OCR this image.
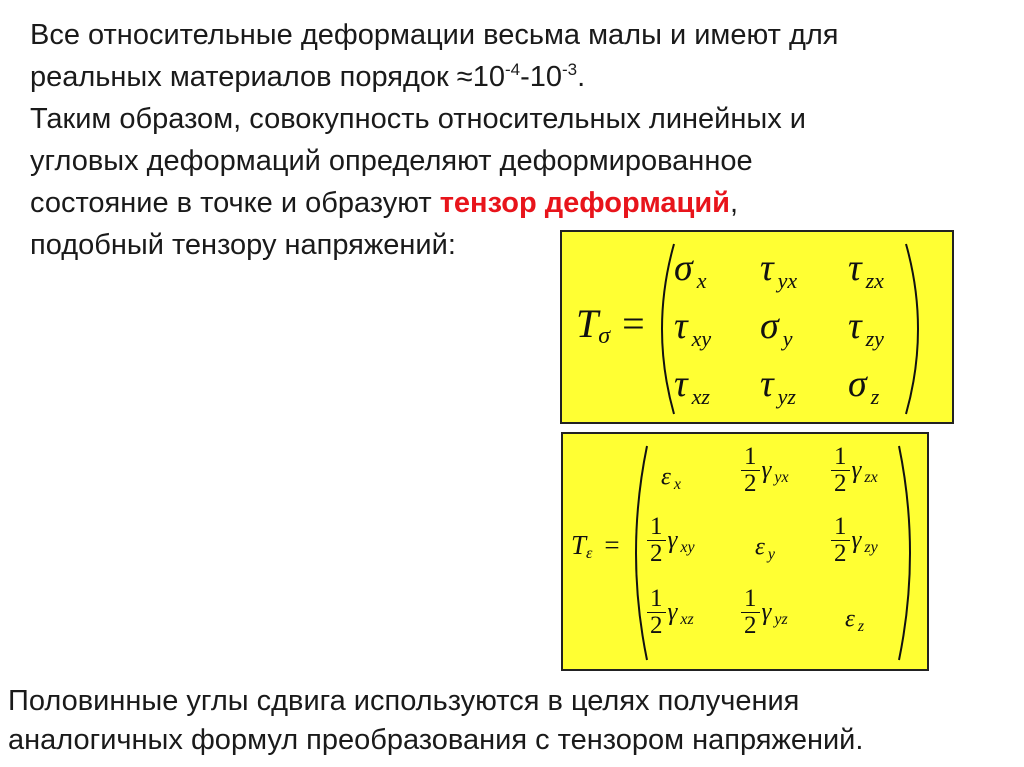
Все относительные деформации весьма малы и имеют для

реальных материалов порядок $\approx 10^{-4}-10^{-3}$.

Таким образом, совокупность относительных линейных и

угловых деформаций определяют деформированное

состояние в точке и образуют тензор деформаций,

подобный тензору напряжений:

$T_\sigma$ =
σ $_x$ τ $_{yx}$ τ $_{zx}$
τ $_{xy}$ σ $_y$ τ $_{zy}$
τ $_{xz}$ τ $_{yz}$ σ $_z$
$T_\varepsilon$ =
ε $_x \frac{1}{2}$ γ $_{yx} \frac{1}{2}$ γ $_{zx}$
$\frac{1}{2}$ γ $_{xy}$ ε $_y \frac{1}{2}$ γ $_{zy}$
$\frac{1}{2}$ γ $_{xz} \frac{1}{2}$ γ $_{yz}$ ε $_z$

Половинные углы сдвига используются в целях получения

аналогичных формул преобразования с тензором напряжений.
